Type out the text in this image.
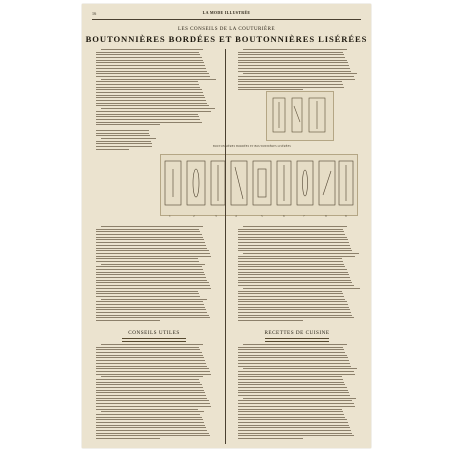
16	LA MODE ILLUSTRÉE
LES CONSEILS DE LA COUTURIÈRE
BOUTONNIÈRES BORDÉES ET BOUTONNIÈRES LISÉRÉES
BOUTONNIÈRES BORDÉES ET BOUTONNIÈRES LISÉRÉES
1	2	3	4	5	6	7	8	9
CONSEILS UTILES	RECETTES DE CUISINE
